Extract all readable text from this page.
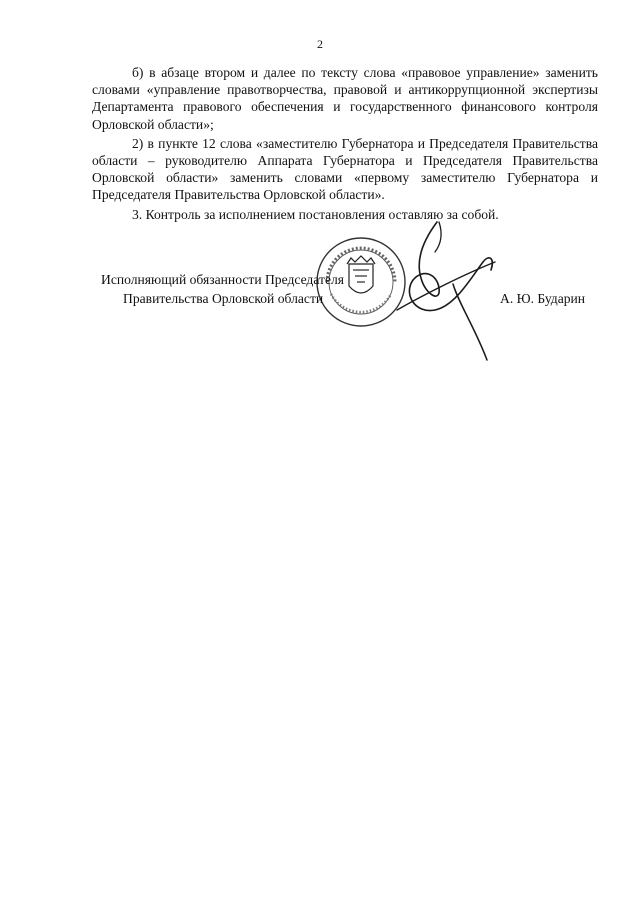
2

б) в абзаце втором и далее по тексту слова «правовое управление» заменить словами «управление правотворчества, правовой и антикоррупционной экспертизы Департамента правового обеспечения и государственного финансового контроля Орловской области»;

2) в пункте 12 слова «заместителю Губернатора и Председателя Правительства области – руководителю Аппарата Губернатора и Председателя Правительства Орловской области» заменить словами «первому заместителю Губернатора и Председателя Правительства Орловской области».

3. Контроль за исполнением постановления оставляю за собой.

Исполняющий обязанности Председателя
Правительства Орловской области	А. Ю. Бударин
